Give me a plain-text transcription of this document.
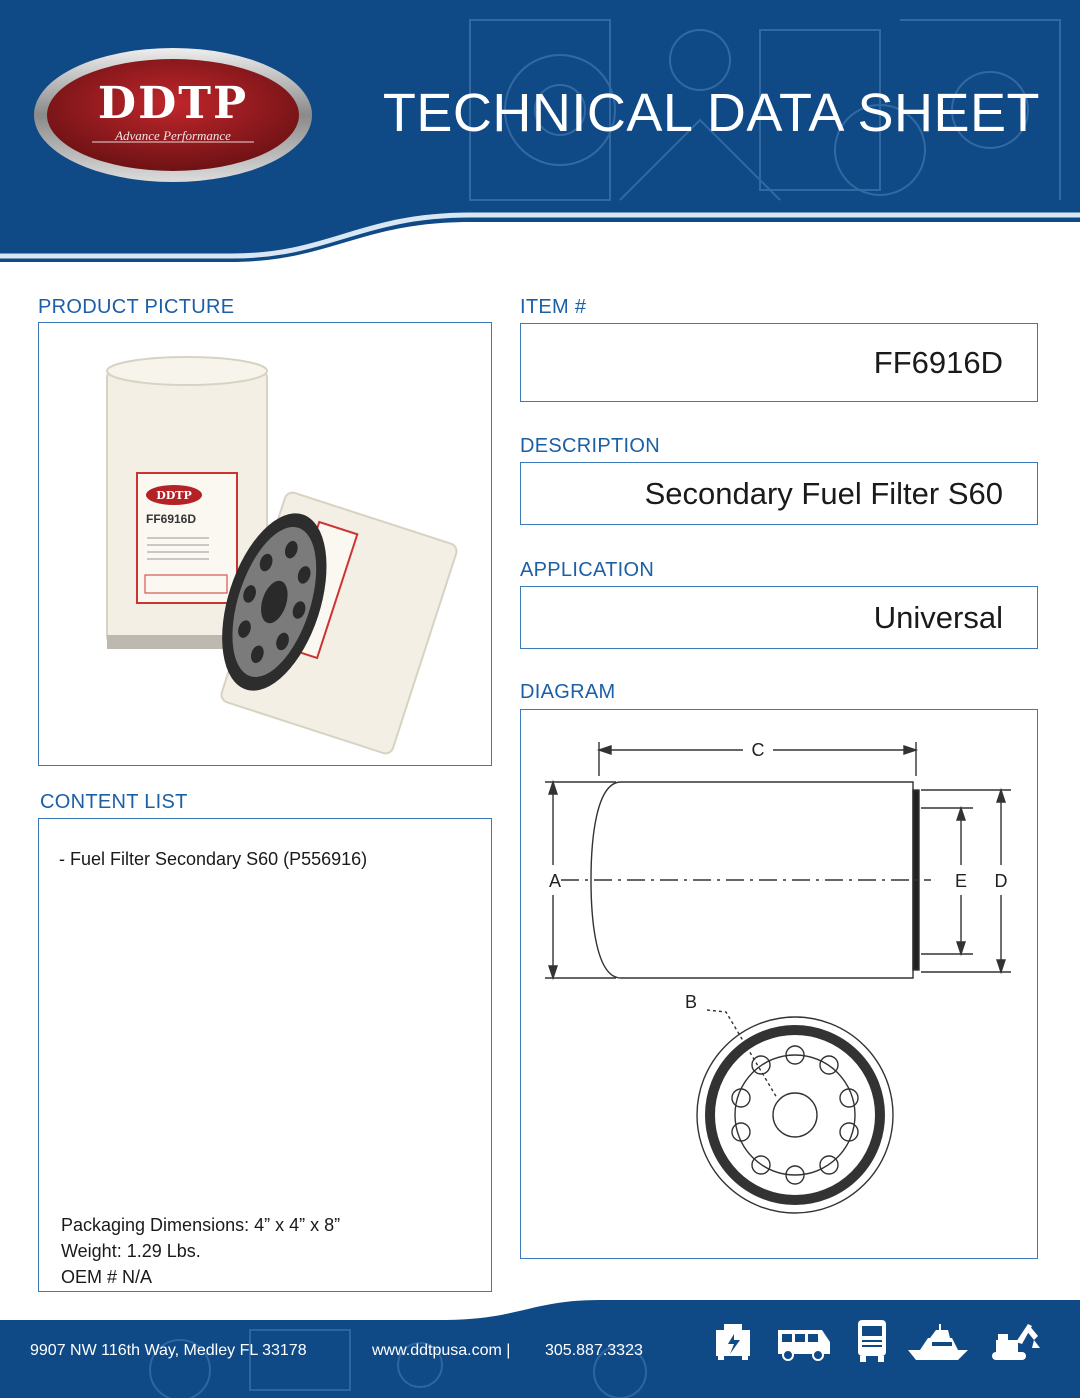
DDTP
Advance Performance	TECHNICAL DATA SHEET
PRODUCT PICTURE
DDTP
FF6916D
CONTENT LIST
- Fuel Filter Secondary S60 (P556916)
Packaging Dimensions: 4” x 4” x 8”
Weight: 1.29 Lbs.
OEM # N/A
ITEM #
FF6916D
DESCRIPTION
Secondary Fuel Filter S60
APPLICATION
Universal
DIAGRAM
C
A	E D
B
9907 NW 116th Way, Medley FL 33178	www.ddtpusa.com | 305.887.3323
